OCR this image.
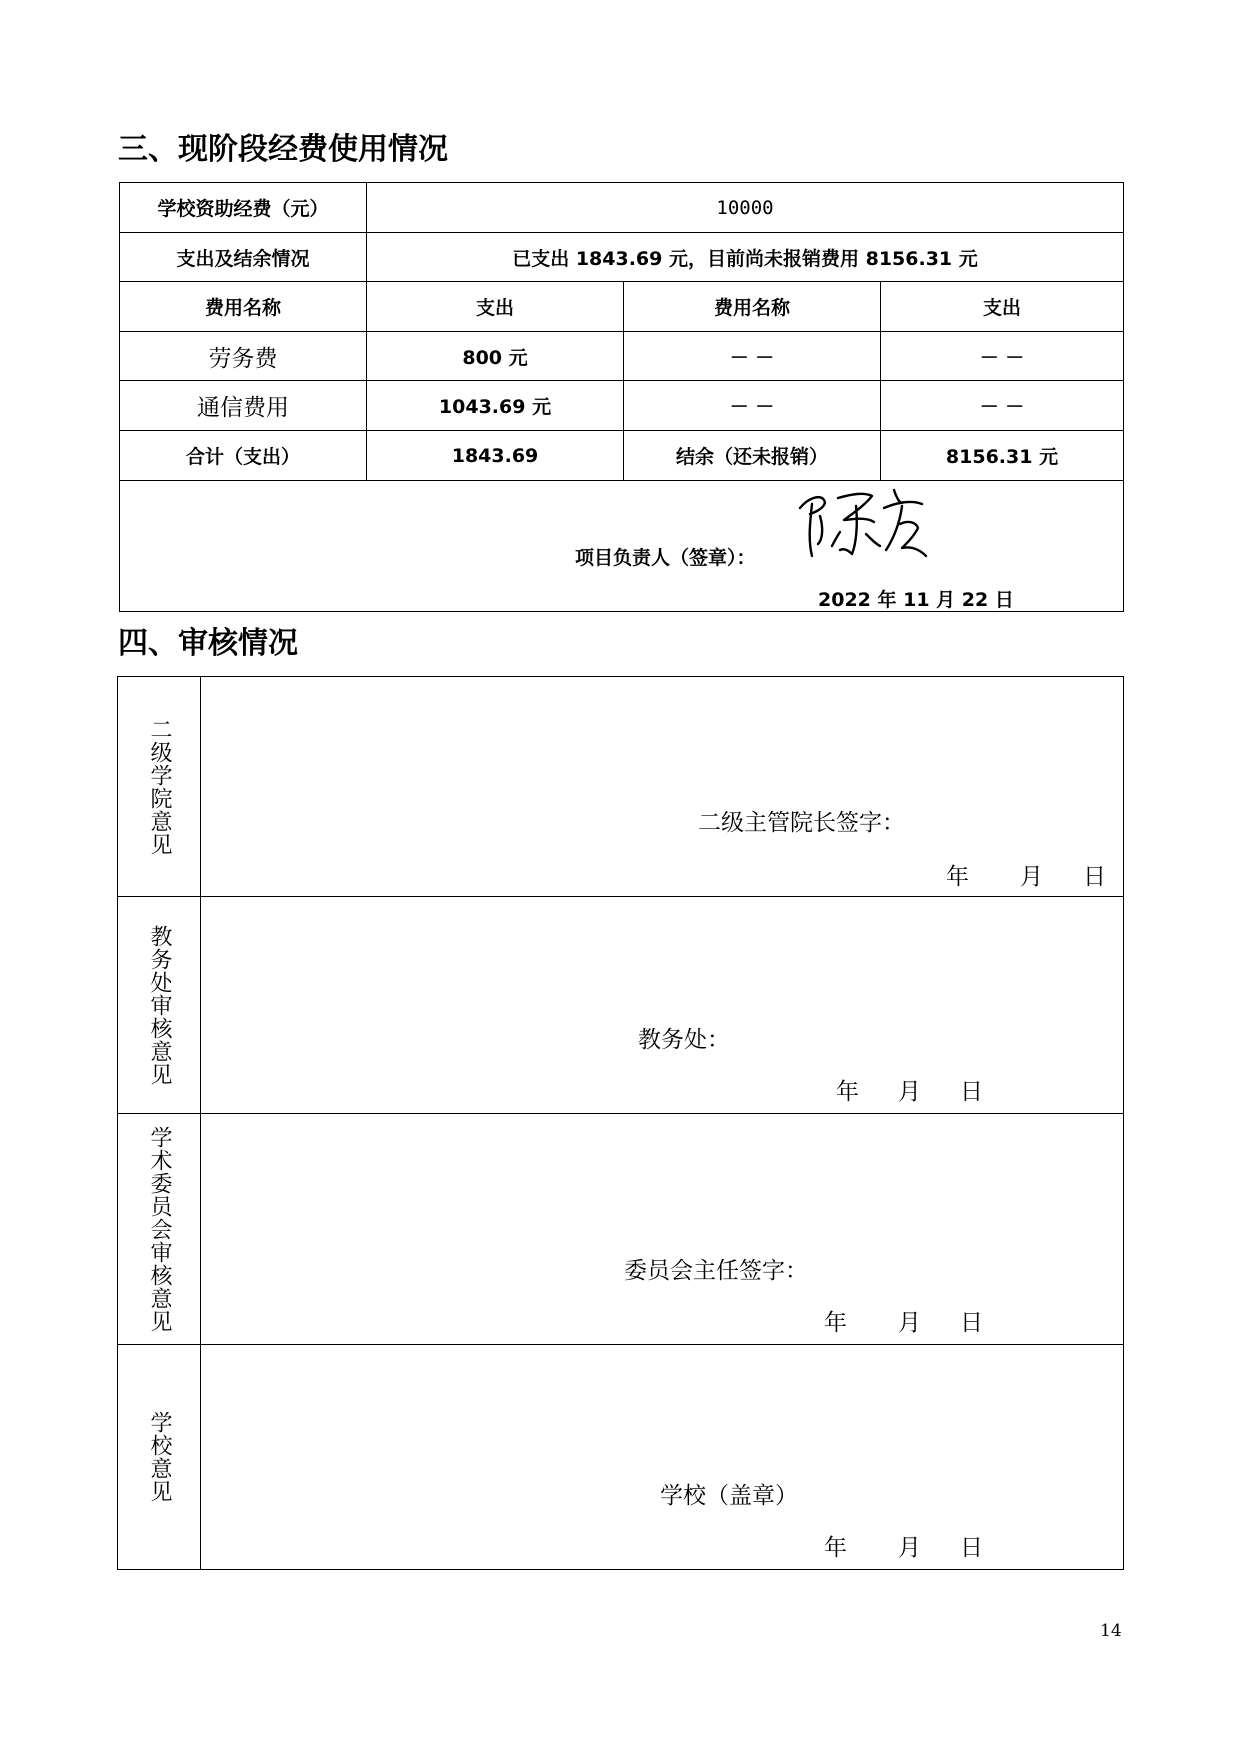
三、现阶段经费使用情况
学校资助经费（元）	10000
支出及结余情况	已支出 1843.69 元，目前尚未报销费用 8156.31 元
费用名称	支出	费用名称	支出
劳务费	800 元	－ －	－ －
通信费用	1043.69 元	－ －	－ －
合计（支出）	1843.69	结余（还未报销）	8156.31 元
项目负责人（签章）：
2022 年 11 月 22 日
四、审核情况
二级学院意见	二级主管院长签字：
年 月 日
教务处审核意见	教务处：
年 月 日
学术委员会审核意见	委员会主任签字：
年 月 日
学校意见	学校（盖章）
年 月 日
14
